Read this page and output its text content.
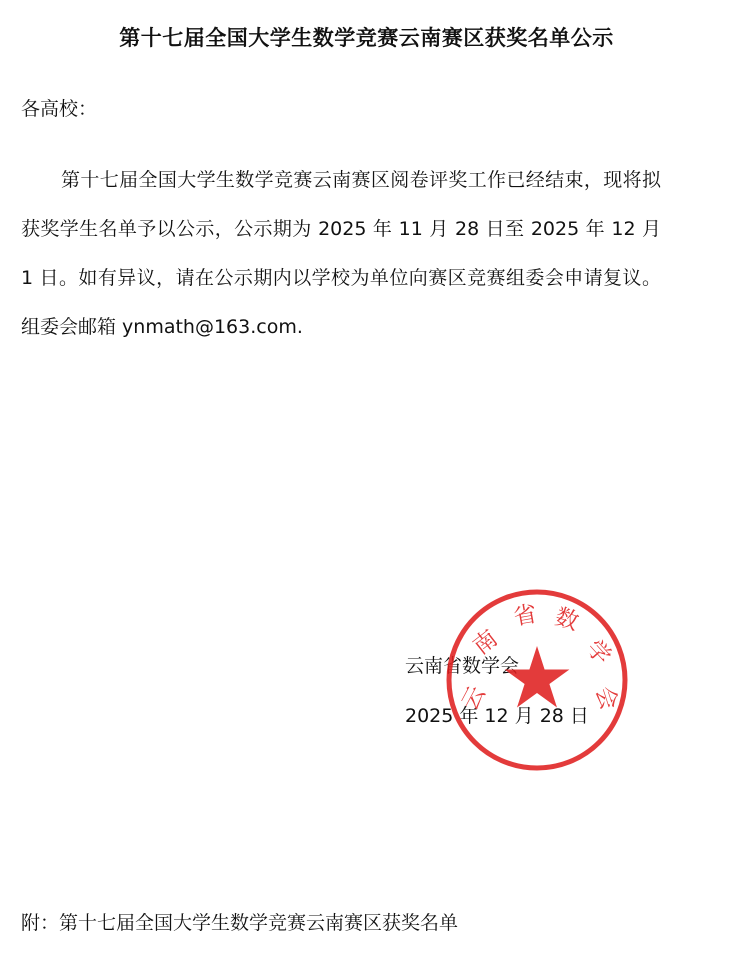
第十七届全国大学生数学竞赛云南赛区获奖名单公示
各高校：
第十七届全国大学生数学竞赛云南赛区阅卷评奖工作已经结束，现将拟获奖学生名单予以公示，公示期为 2025 年 11 月 28 日至 2025 年 12 月 1 日。如有异议，请在公示期内以学校为单位向赛区竞赛组委会申请复议。组委会邮箱 ynmath@163.com.
云南省数学会
2025 年 12 月 28 日
云
南
省 数
学
会
附：第十七届全国大学生数学竞赛云南赛区获奖名单
